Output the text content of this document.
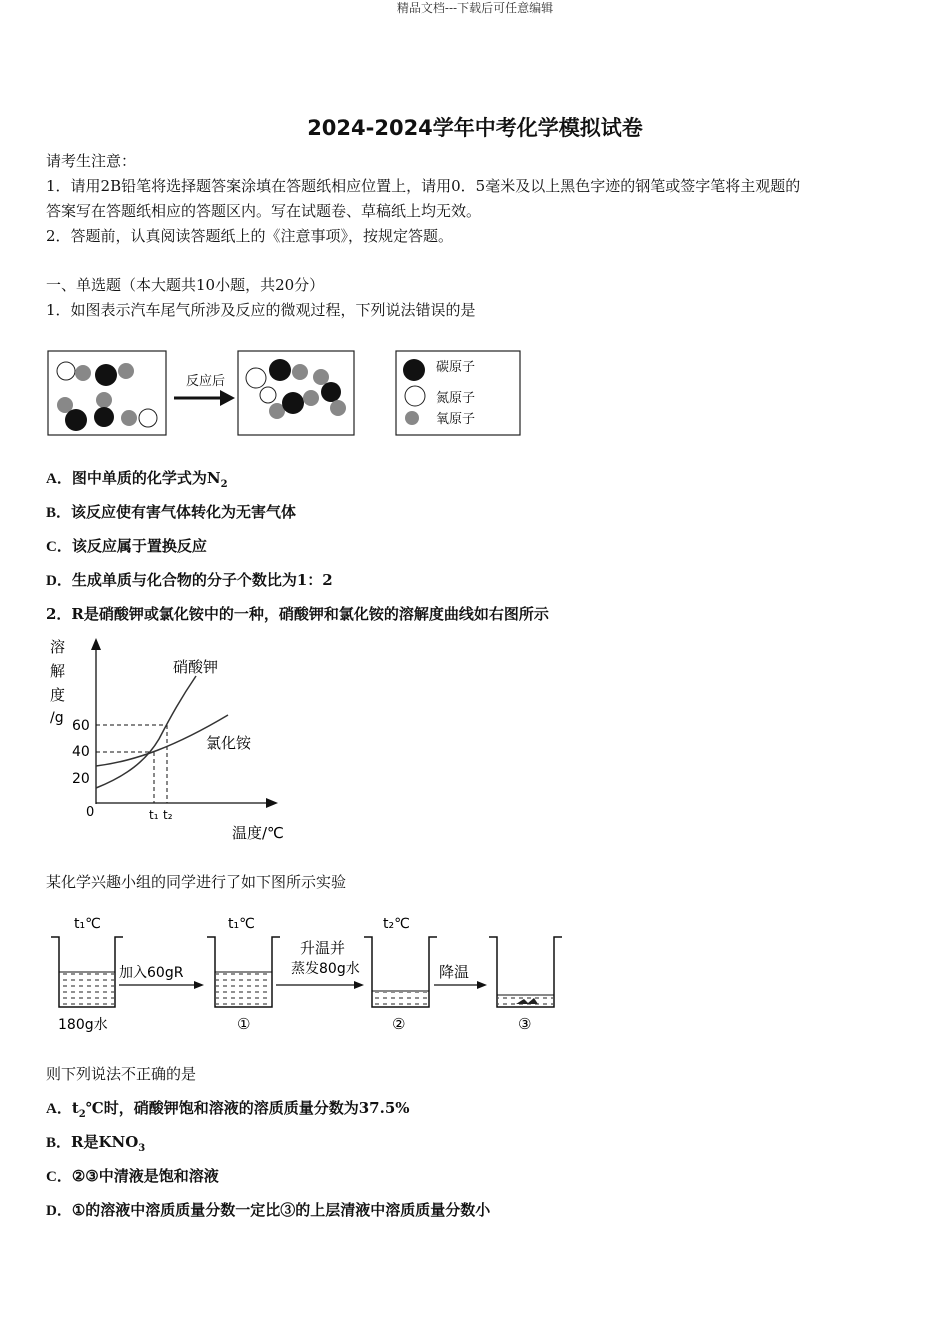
精品文档---下载后可任意编辑
2024-2024学年中考化学模拟试卷
请考生注意：
1．请用2B铅笔将选择题答案涂填在答题纸相应位置上，请用0．5毫米及以上黑色字迹的钢笔或签字笔将主观题的
答案写在答题纸相应的答题区内。写在试题卷、草稿纸上均无效。
2．答题前，认真阅读答题纸上的《注意事项》，按规定答题。
一、单选题（本大题共10小题，共20分）
1．如图表示汽车尾气所涉及反应的微观过程，下列说法错误的是
反应后
碳原子
氮原子
氧原子
A．图中单质的化学式为$N_2$
B．该反应使有害气体转化为无害气体
C．该反应属于置换反应
D．生成单质与化合物的分子个数比为1：2
2．R是硝酸钾或氯化铵中的一种，硝酸钾和氯化铵的溶解度曲线如右图所示
溶
解
度
/g
20
40
60
0
硝酸钾
氯化铵
t₁ t₂
温度/℃
某化学兴趣小组的同学进行了如下图所示实验
t₁℃
180g水
加入60gR
t₁℃
①
升温并
蒸发80g水
t₂℃
②
降温
③
则下列说法不正确的是
A．$t_2℃$时，硝酸钾饱和溶液的溶质质量分数为37.5%
B．R是$KNO_3$
C．②③中清液是饱和溶液
D．①的溶液中溶质质量分数一定比③的上层清液中溶质质量分数小
